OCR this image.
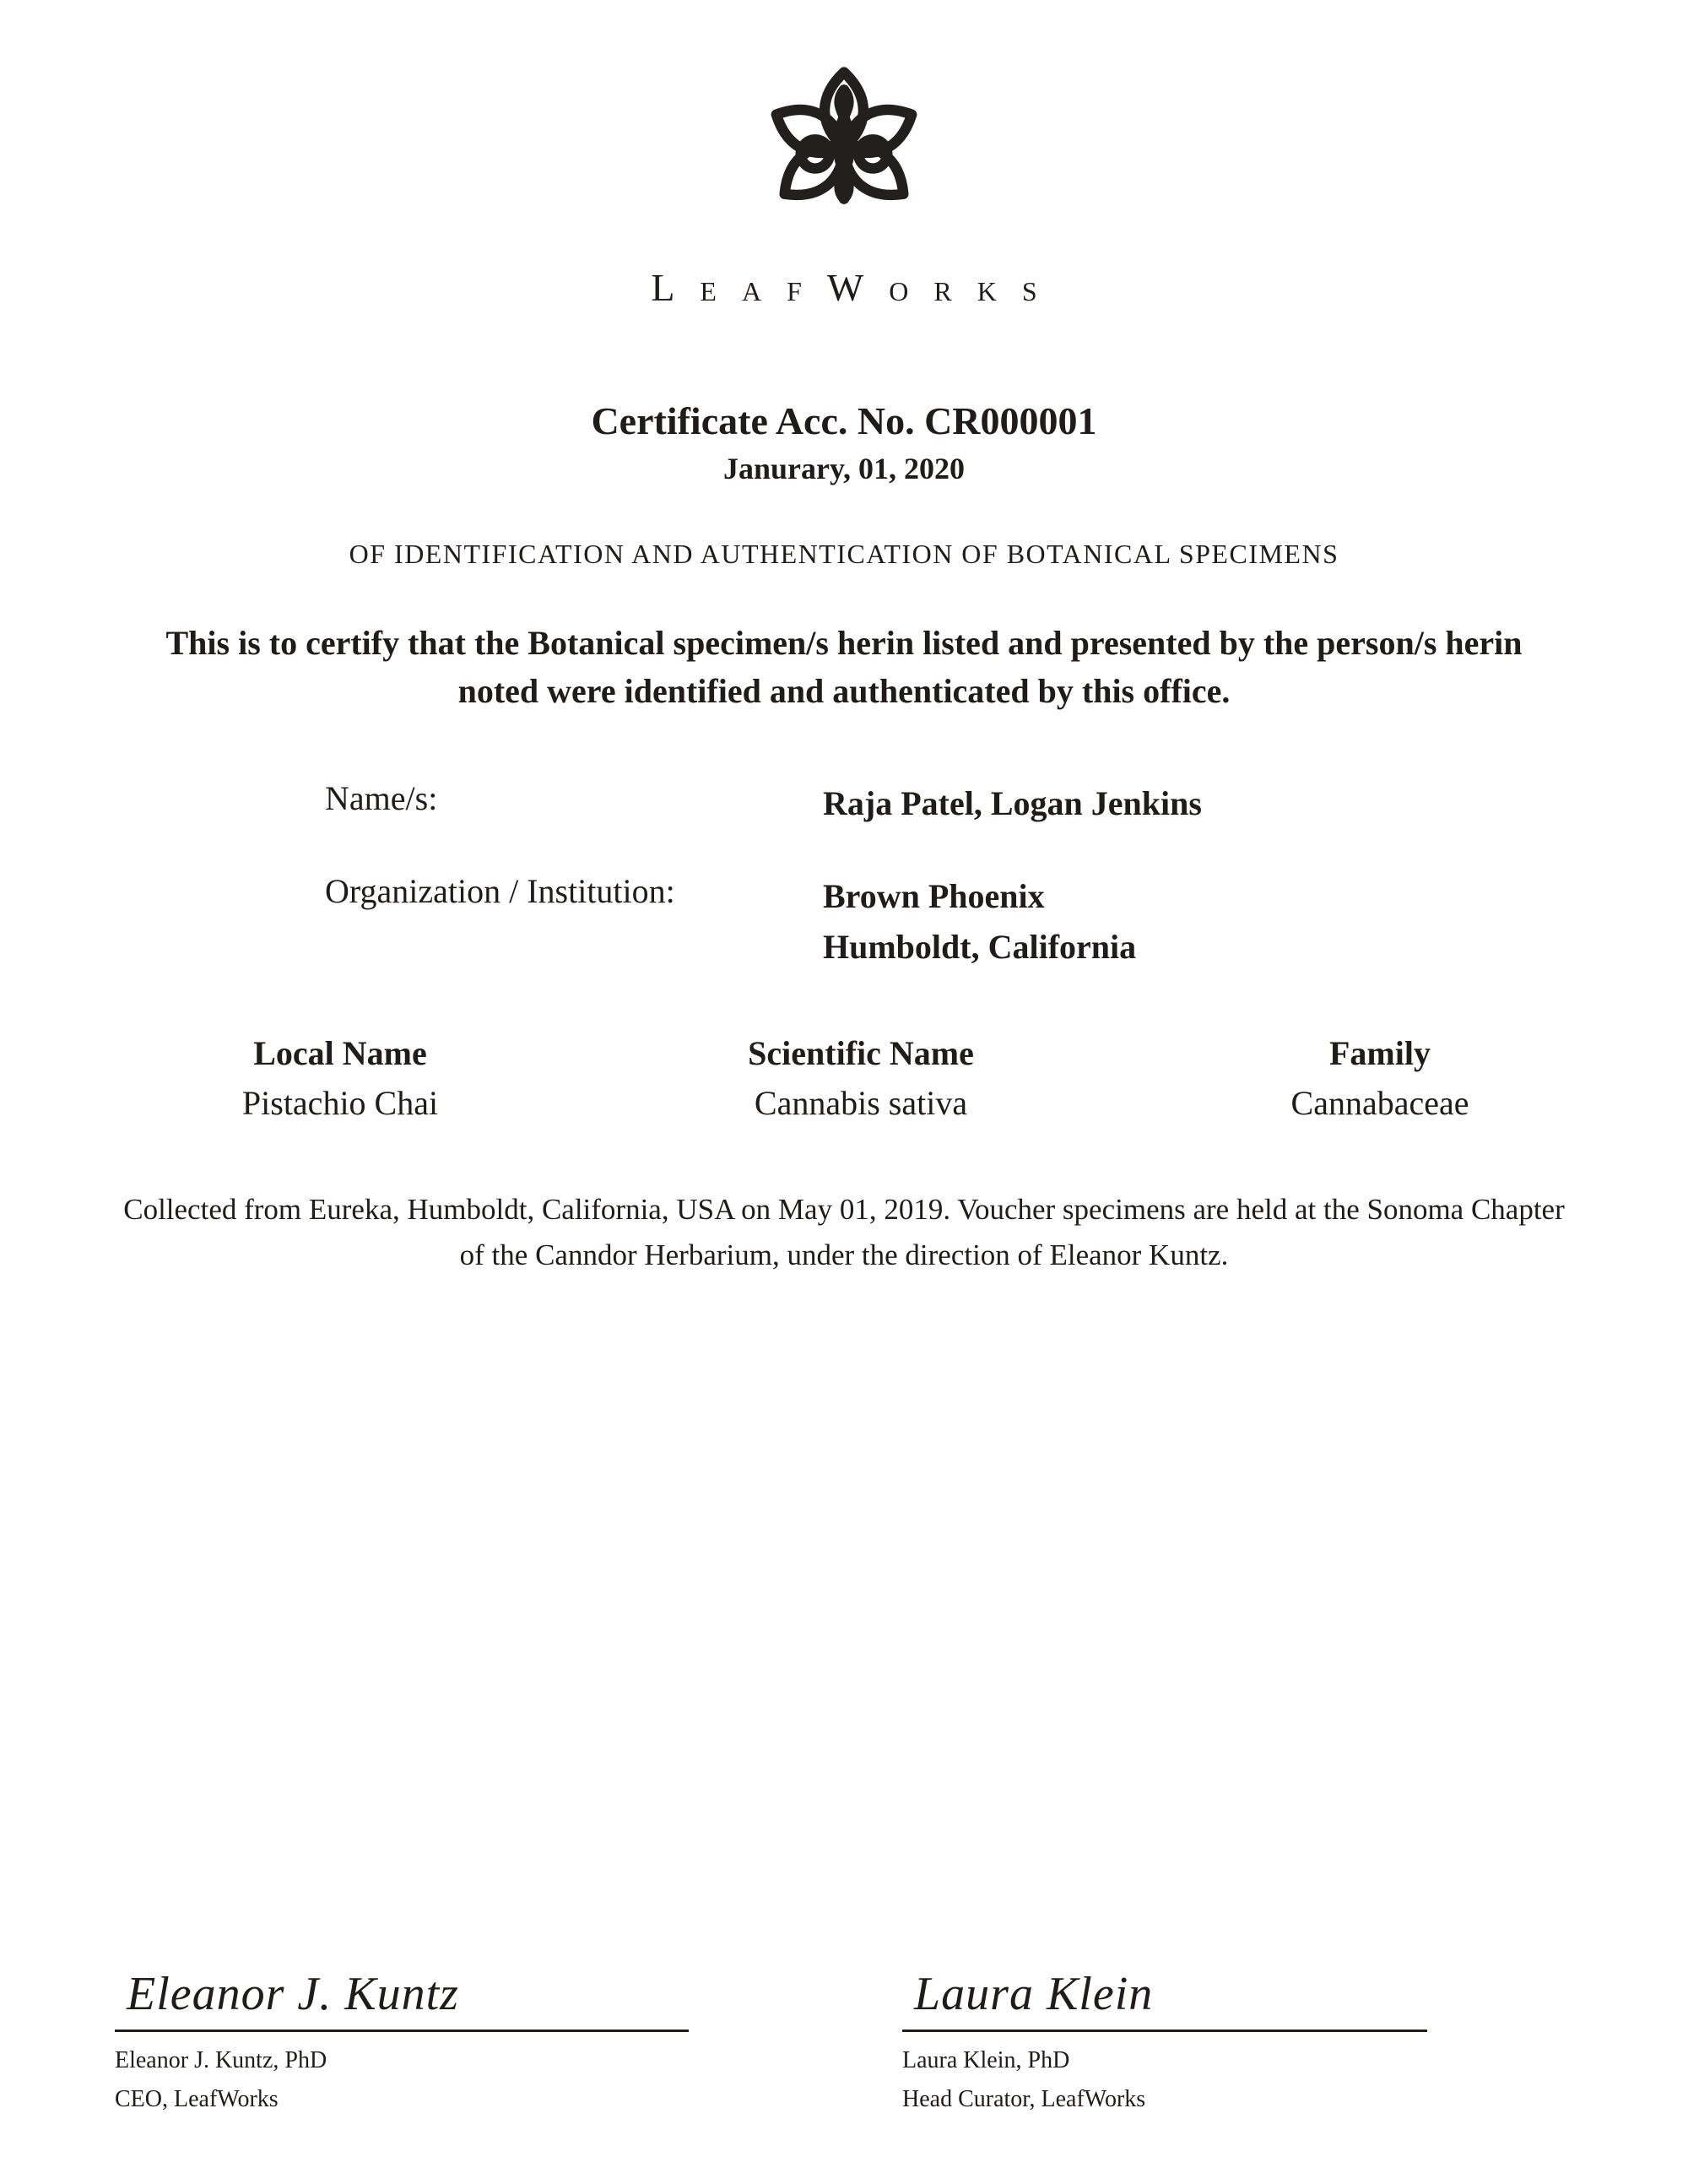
LeafWorks
Certificate Acc. No. CR000001
Janurary, 01, 2020
OF IDENTIFICATION AND AUTHENTICATION OF BOTANICAL SPECIMENS
This is to certify that the Botanical specimen/s herin listed and presented by the person/s herin noted were identified and authenticated by this office.
Name/s:	Raja Patel, Logan Jenkins
Organization / Institution:	Brown Phoenix
Humboldt, California
Local Name
Pistachio Chai
Scientific Name
Cannabis sativa
Family
Cannabaceae
Collected from Eureka, Humboldt, California, USA on May 01, 2019. Voucher specimens are held at the Sonoma Chapter of the Canndor Herbarium, under the direction of Eleanor Kuntz.
Eleanor J. Kuntz
Eleanor J. Kuntz, PhD
CEO, LeafWorks
Laura Klein
Laura Klein, PhD
Head Curator, LeafWorks
